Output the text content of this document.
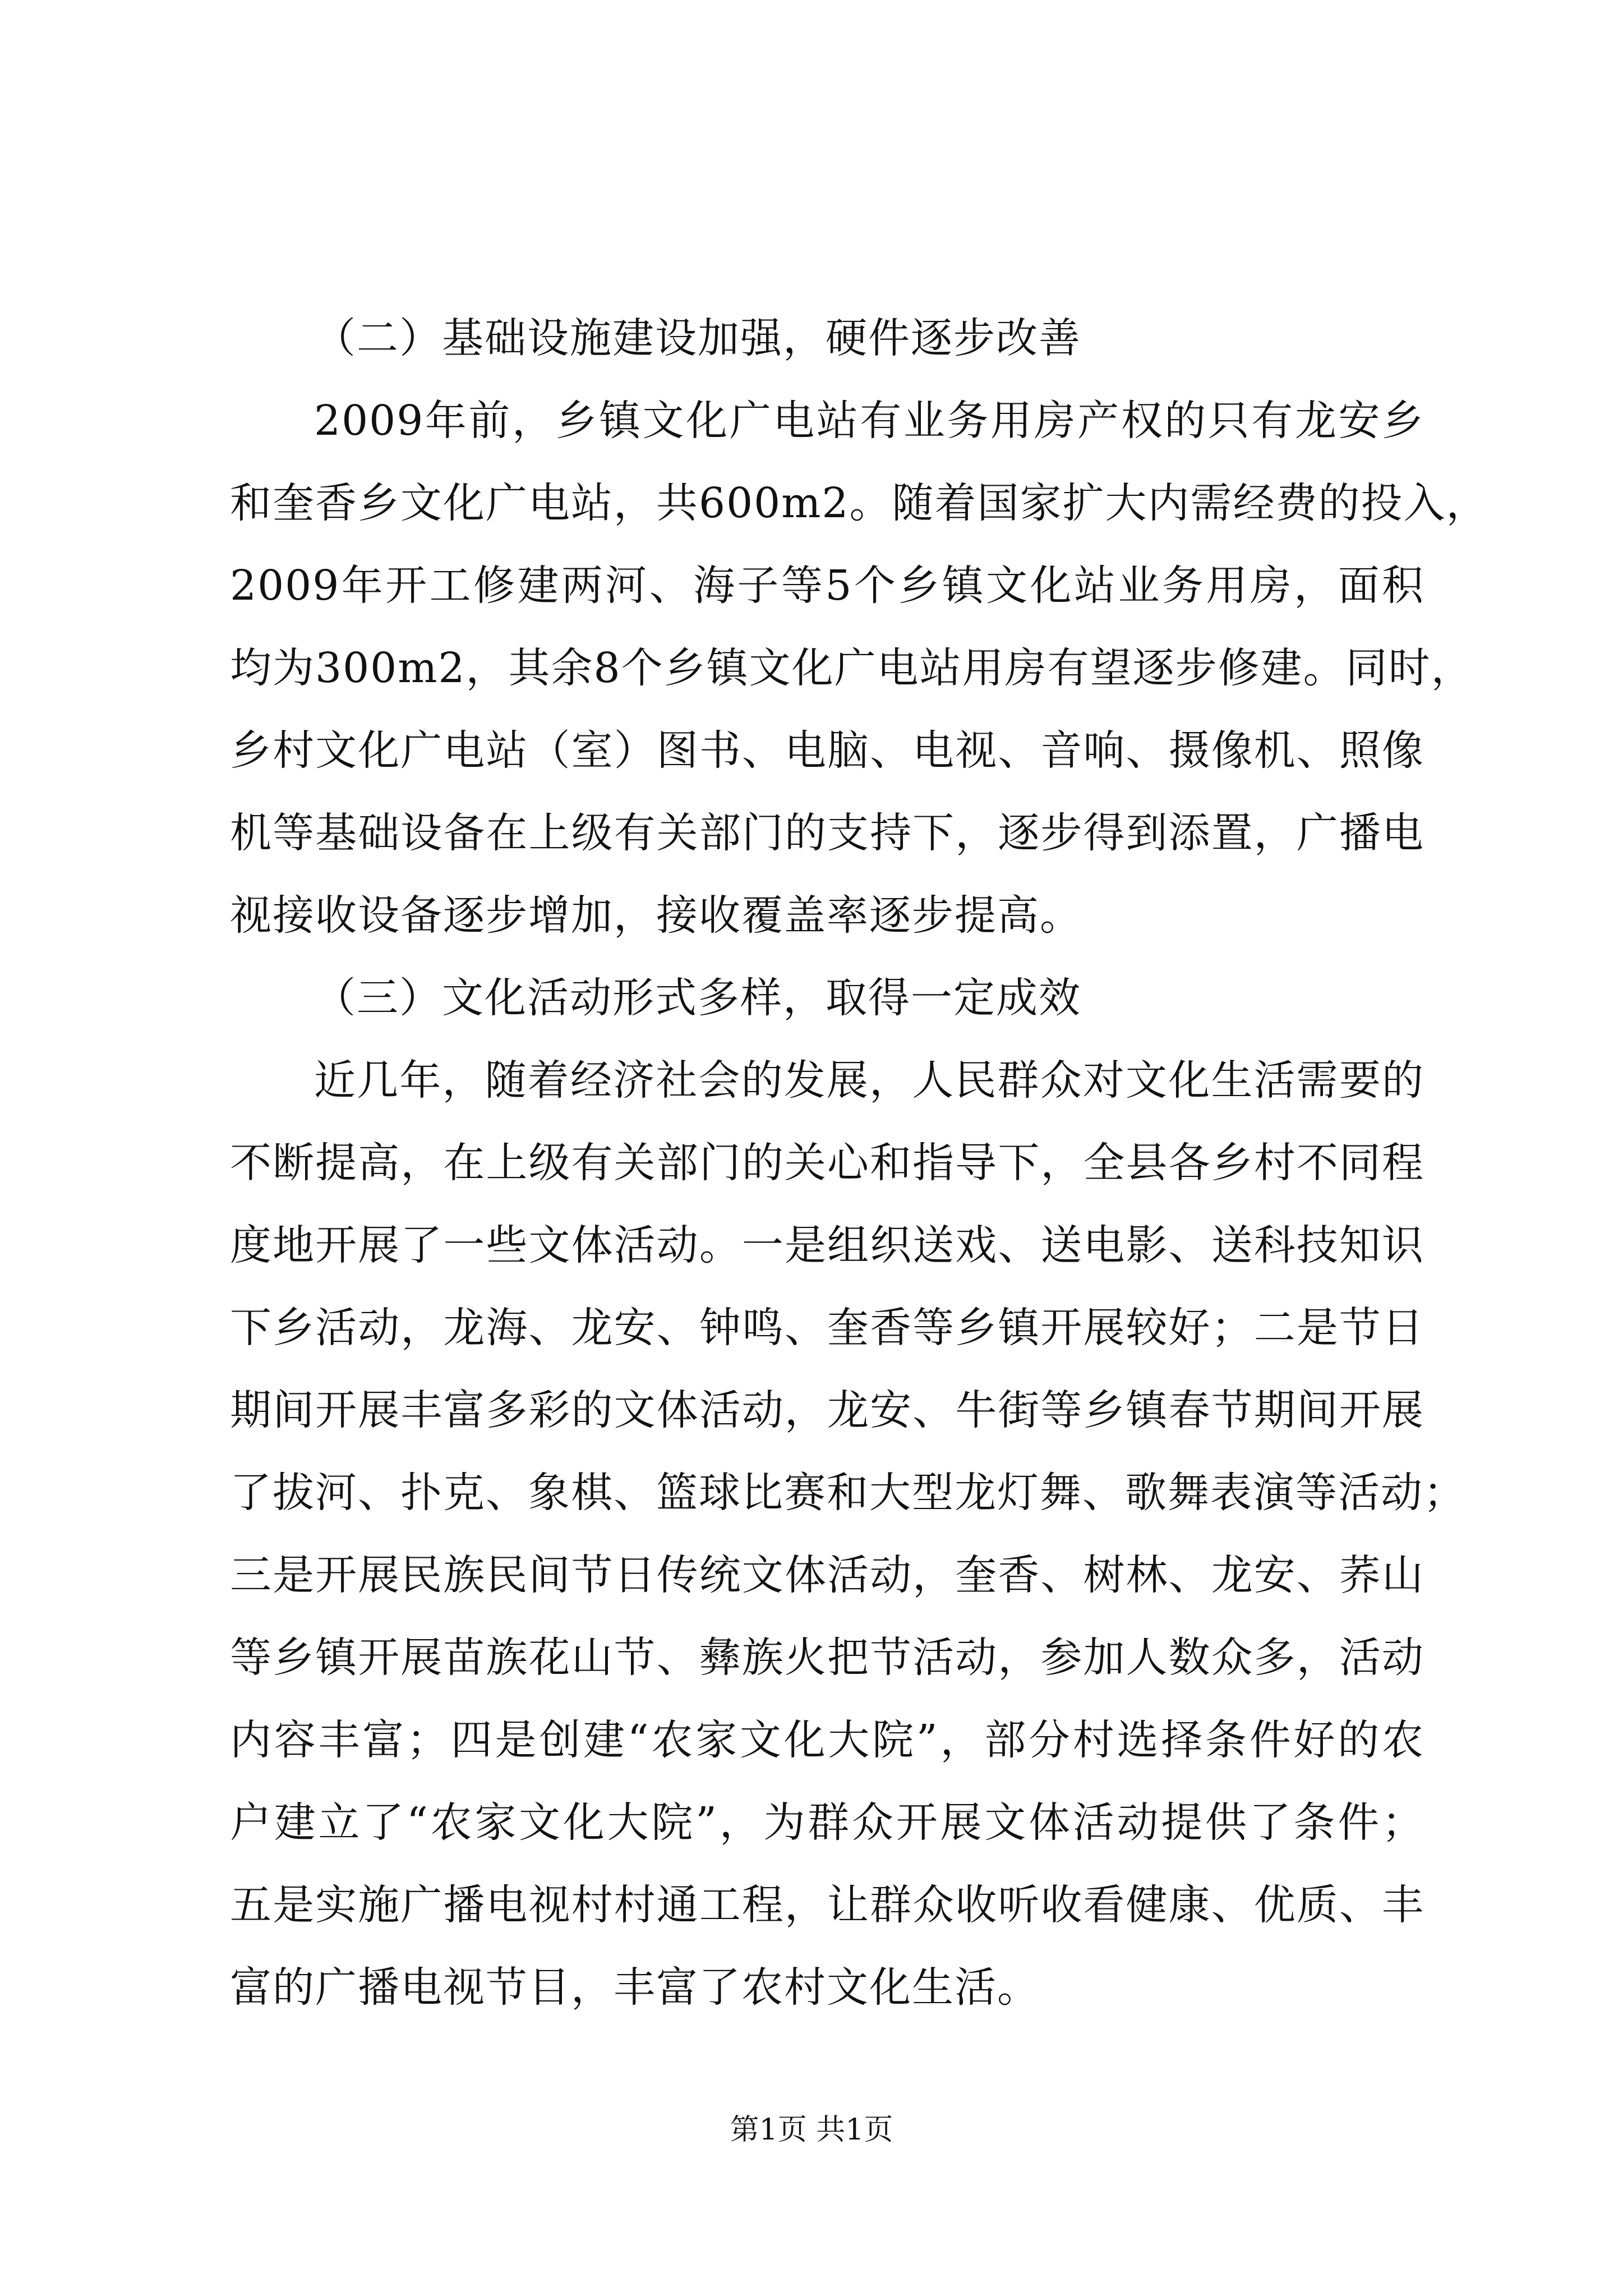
（二）基础设施建设加强，硬件逐步改善
2009年前，乡镇文化广电站有业务用房产权的只有龙安乡
和奎香乡文化广电站，共600m2。随着国家扩大内需经费的投入，
2009年开工修建两河、海子等5个乡镇文化站业务用房，面积
均为300m2，其余8个乡镇文化广电站用房有望逐步修建。同时，
乡村文化广电站（室）图书、电脑、电视、音响、摄像机、照像
机等基础设备在上级有关部门的支持下，逐步得到添置，广播电
视接收设备逐步增加，接收覆盖率逐步提高。
（三）文化活动形式多样，取得一定成效
近几年，随着经济社会的发展，人民群众对文化生活需要的
不断提高，在上级有关部门的关心和指导下，全县各乡村不同程
度地开展了一些文体活动。一是组织送戏、送电影、送科技知识
下乡活动，龙海、龙安、钟鸣、奎香等乡镇开展较好；二是节日
期间开展丰富多彩的文体活动，龙安、牛街等乡镇春节期间开展
了拔河、扑克、象棋、篮球比赛和大型龙灯舞、歌舞表演等活动；
三是开展民族民间节日传统文体活动，奎香、树林、龙安、荞山
等乡镇开展苗族花山节、彝族火把节活动，参加人数众多，活动
内容丰富；四是创建“农家文化大院”，部分村选择条件好的农
户建立了“农家文化大院”，为群众开展文体活动提供了条件；
五是实施广播电视村村通工程，让群众收听收看健康、优质、丰
富的广播电视节目，丰富了农村文化生活。
第1页 共1页
